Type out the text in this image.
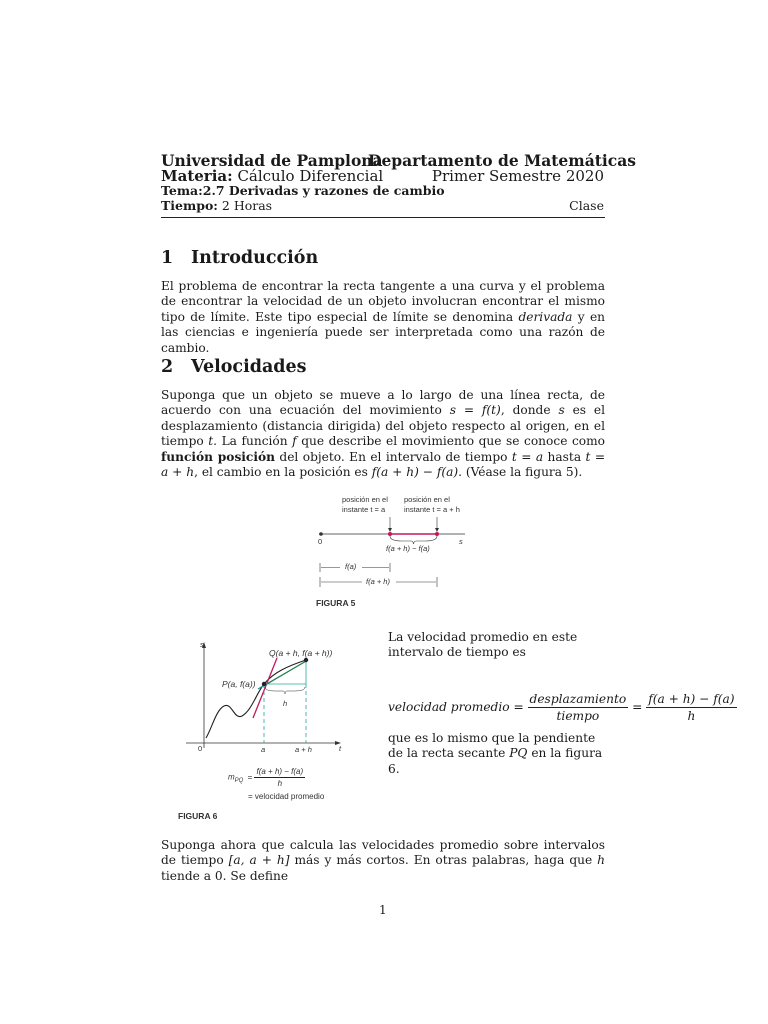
Universidad de Pamplona
Departamento de Matemáticas
Materia: Cálculo Diferencial	Primer Semestre 2020
Tema:2.7 Derivadas y razones de cambio
Tiempo: 2 Horas	Clase
1 Introducción
El problema de encontrar la recta tangente a una curva y el problema de encontrar la velocidad de un objeto involucran encontrar el mismo tipo de límite. Este tipo especial de límite se denomina derivada y en las ciencias e ingeniería puede ser interpretada como una razón de cambio.
2 Velocidades
Suponga que un objeto se mueve a lo largo de una línea recta, de acuerdo con una ecuación del movimiento s = f(t), donde s es el desplazamiento (distancia dirigida) del objeto respecto al origen, en el tiempo t. La función f que describe el movimiento que se conoce como función posición del objeto. En el intervalo de tiempo t = a hasta t = a + h, el cambio en la posición es f(a + h) − f(a). (Véase la figura 5).
posición en el
instante t = a
posición en el
instante t = a + h
0	s
f(a + h) − f(a)
f(a)
f(a + h)
FIGURA 5
s
t
0	a	a + h
h
P(a, f(a))
Q(a + h, f(a + h))
$m_{PQ} = \frac{f(a + h) - f(a)}{h}$
= velocidad promedio
FIGURA 6
La velocidad promedio en este intervalo de tiempo es
velocidad promedio = $\frac{\text{desplazamiento}}{\text{tiempo}} = \frac{f(a + h) - f(a)}{h}$
que es lo mismo que la pendiente de la recta secante PQ en la figura 6.
Suponga ahora que calcula las velocidades promedio sobre intervalos de tiempo [a, a + h] más y más cortos. En otras palabras, haga que h tiende a 0. Se define
1
